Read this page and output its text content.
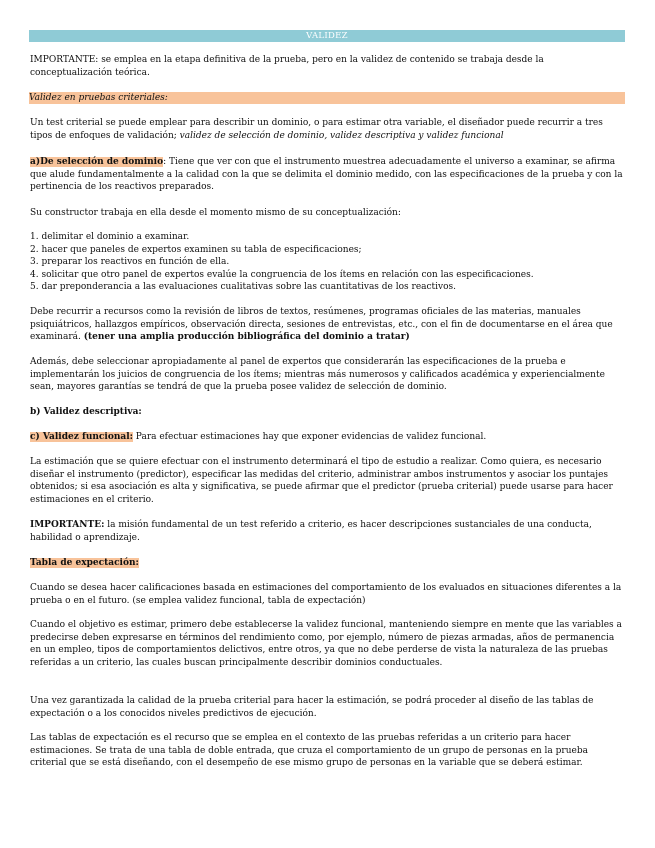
VALIDEZ

IMPORTANTE: se emplea en la etapa definitiva de la prueba, pero en la validez de contenido se trabaja desde la conceptualización teórica.

Validez en pruebas criteriales:

Un test criterial se puede emplear para describir un dominio, o para estimar otra variable, el diseñador puede recurrir a tres tipos de enfoques de validación; validez de selección de dominio, validez descriptiva y validez funcional

a)De selección de dominio: Tiene que ver con que el instrumento muestrea adecuadamente el universo a examinar, se afirma que alude fundamentalmente a la calidad con la que se delimita el dominio medido, con las especificaciones de la prueba y con la pertinencia de los reactivos preparados.

Su constructor trabaja en ella desde el momento mismo de su conceptualización:

1. delimitar el dominio a examinar.
2. hacer que paneles de expertos examinen su tabla de especificaciones;
3. preparar los reactivos en función de ella.
4. solicitar que otro panel de expertos evalúe la congruencia de los ítems en relación con las especificaciones.
5. dar preponderancia a las evaluaciones cualitativas sobre las cuantitativas de los reactivos.

Debe recurrir a recursos como la revisión de libros de textos, resúmenes, programas oficiales de las materias, manuales psiquiátricos, hallazgos empíricos, observación directa, sesiones de entrevistas, etc., con el fin de documentarse en el área que examinará. (tener una amplia producción bibliográfica del dominio a tratar)

Además, debe seleccionar apropiadamente al panel de expertos que considerarán las especificaciones de la prueba e implementarán los juicios de congruencia de los ítems; mientras más numerosos y calificados académica y experiencialmente sean, mayores garantías se tendrá de que la prueba posee validez de selección de dominio.

b) Validez descriptiva:

c) Validez funcional: Para efectuar estimaciones hay que exponer evidencias de validez funcional.

La estimación que se quiere efectuar con el instrumento determinará el tipo de estudio a realizar. Como quiera, es necesario diseñar el instrumento (predictor), especificar las medidas del criterio, administrar ambos instrumentos y asociar los puntajes obtenidos; si esa asociación es alta y significativa, se puede afirmar que el predictor (prueba criterial) puede usarse para hacer estimaciones en el criterio.

IMPORTANTE: la misión fundamental de un test referido a criterio, es hacer descripciones sustanciales de una conducta, habilidad o aprendizaje.

Tabla de expectación:

Cuando se desea hacer calificaciones basada en estimaciones del comportamiento de los evaluados en situaciones diferentes a la prueba o en el futuro. (se emplea validez funcional, tabla de expectación)

Cuando el objetivo es estimar, primero debe establecerse la validez funcional, manteniendo siempre en mente que las variables a predecirse deben expresarse en términos del rendimiento como, por ejemplo, número de piezas armadas, años de permanencia en un empleo, tipos de comportamientos delictivos, entre otros, ya que no debe perderse de vista la naturaleza de las pruebas referidas a un criterio, las cuales buscan principalmente describir dominios conductuales.

Una vez garantizada la calidad de la prueba criterial para hacer la estimación, se podrá proceder al diseño de las tablas de expectación o a los conocidos niveles predictivos de ejecución.

Las tablas de expectación es el recurso que se emplea en el contexto de las pruebas referidas a un criterio para hacer estimaciones. Se trata de una tabla de doble entrada, que cruza el comportamiento de un grupo de personas en la prueba criterial que se está diseñando, con el desempeño de ese mismo grupo de personas en la variable que se deberá estimar.
